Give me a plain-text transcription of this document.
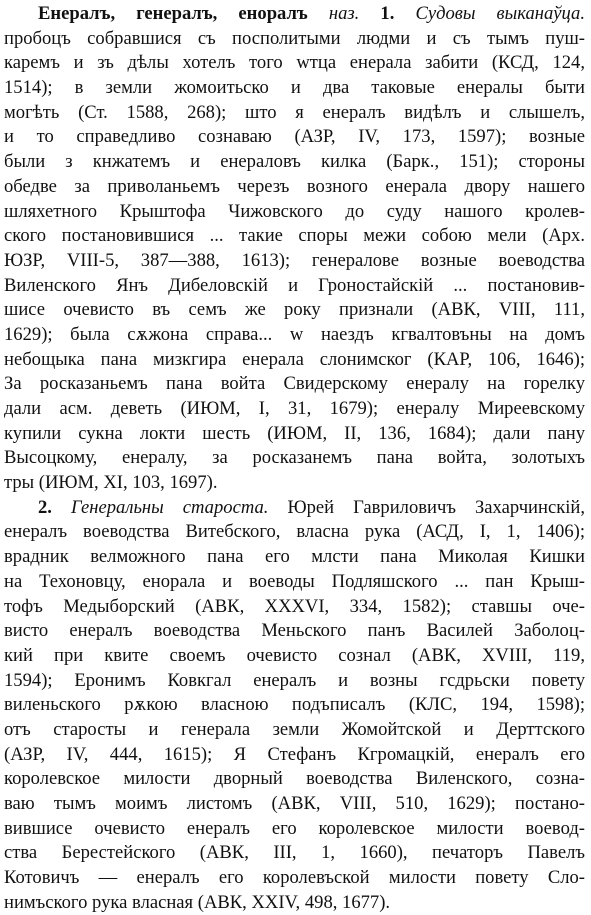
Енералъ, генералъ, еноралъ наз. 1. Судовы выканаўца.
пробоцъ собравшися съ посполитыми людми и съ тымъ пуш-
каремъ и зъ дѣлы хотелъ того wтца енерала забити (КСД, 124,
1514); в земли жомоитьско и два таковые енералы быти
могѣть (Ст. 1588, 268); што я енералъ видѣлъ и слышелъ,
и то справедливо сознаваю (АЗР, IV, 173, 1597); возные
были з кнжатемъ и енераловъ килка (Барк., 151); стороны
обедве за приволаньемъ черезъ возного енерала двору нашего
шляхетного Крыштофа Чижовского до суду нашого кролев-
ского постановившися ... такие споры межи собою мели (Арх.
ЮЗР, VIII-5, 387—388, 1613); генералове возные воеводства
Виленского Янъ Дибеловскій и Гроностайскій ... постановив-
шисе очевисто въ семъ же року признали (АВК, VIII, 111,
1629); была сѫжона справа... w наездъ кгвалтовъны на домъ
небощыка пана мизкгира енерала слонимског (КАР, 106, 1646);
За росказаньемъ пана войта Свидерскому енералу на горелку
дали асм. деветь (ИЮМ, I, 31, 1679); енералу Миреевскому
купили сукна локти шесть (ИЮМ, II, 136, 1684); дали пану
Высоцкому, енералу, за росказанемъ пана войта, золотыхъ
тры (ИЮМ, XI, 103, 1697).
2. Генеральны староста. Юрей Гавриловичъ Захарчинскій,
енералъ воеводства Витебского, власна рука (АСД, I, 1, 1406);
врадник велможного пана его млсти пана Миколая Кишки
на Техоновцу, енорала и воеводы Подляшского ... пан Крыш-
тофъ Медыборский (АВК, XXXVI, 334, 1582); ставшы оче-
висто енералъ воеводства Меньского панъ Василей Заболоц-
кий при квите своемъ очевисто сознал (АВК, XVIII, 119,
1594); Еронимъ Ковкгал енералъ и возны гсдрьски повету
виленьского рѫкою власною подъписалъ (КЛС, 194, 1598);
отъ старосты и генерала земли Жомойтской и Дерттского
(АЗР, IV, 444, 1615); Я Стефанъ Кгромацкій, енералъ его
королевское милости дворный воеводства Виленского, созна-
ваю тымъ моимъ листомъ (АВК, VIII, 510, 1629); постано-
вившисе очевисто енералъ его королевское милости воевод-
ства Берестейского (АВК, III, 1, 1660), печаторъ Павелъ
Котовичъ — енералъ его королевъской милости повету Сло-
нимъского рука власная (АВК, XXIV, 498, 1677).
